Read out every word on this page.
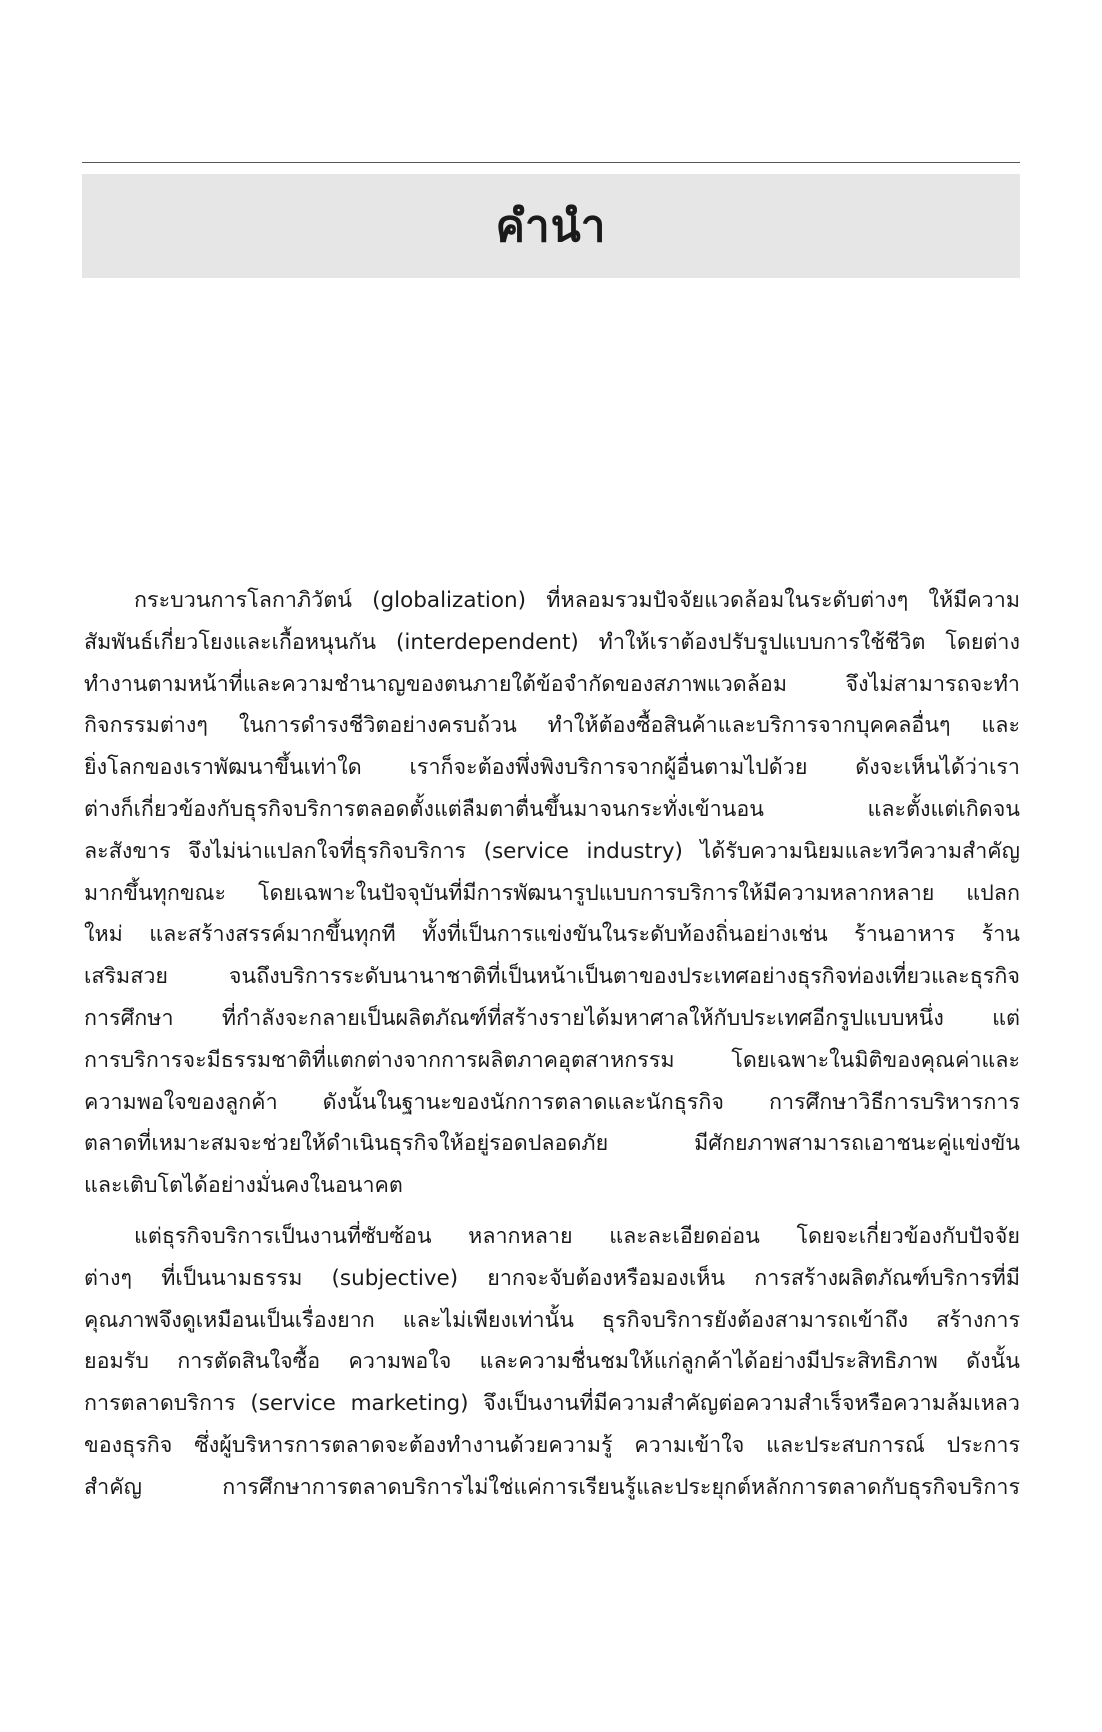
คำนำ

กระบวนการโลกาภิวัตน์ (globalization) ที่หลอมรวมปัจจัยแวดล้อมในระดับต่างๆ ให้มีความ
สัมพันธ์เกี่ยวโยงและเกื้อหนุนกัน (interdependent) ทำให้เราต้องปรับรูปแบบการใช้ชีวิต โดยต่าง
ทำงานตามหน้าที่และความชำนาญของตนภายใต้ข้อจำกัดของสภาพแวดล้อม จึงไม่สามารถจะทำ
กิจกรรมต่างๆ ในการดำรงชีวิตอย่างครบถ้วน ทำให้ต้องซื้อสินค้าและบริการจากบุคคลอื่นๆ และ
ยิ่งโลกของเราพัฒนาขึ้นเท่าใด เราก็จะต้องพึ่งพิงบริการจากผู้อื่นตามไปด้วย ดังจะเห็นได้ว่าเรา
ต่างก็เกี่ยวข้องกับธุรกิจบริการตลอดตั้งแต่ลืมตาตื่นขึ้นมาจนกระทั่งเข้านอน และตั้งแต่เกิดจน
ละสังขาร จึงไม่น่าแปลกใจที่ธุรกิจบริการ (service industry) ได้รับความนิยมและทวีความสำคัญ
มากขึ้นทุกขณะ โดยเฉพาะในปัจจุบันที่มีการพัฒนารูปแบบการบริการให้มีความหลากหลาย แปลก
ใหม่ และสร้างสรรค์มากขึ้นทุกที ทั้งที่เป็นการแข่งขันในระดับท้องถิ่นอย่างเช่น ร้านอาหาร ร้าน
เสริมสวย จนถึงบริการระดับนานาชาติที่เป็นหน้าเป็นตาของประเทศอย่างธุรกิจท่องเที่ยวและธุรกิจ
การศึกษา ที่กำลังจะกลายเป็นผลิตภัณฑ์ที่สร้างรายได้มหาศาลให้กับประเทศอีกรูปแบบหนึ่ง แต่
การบริการจะมีธรรมชาติที่แตกต่างจากการผลิตภาคอุตสาหกรรม โดยเฉพาะในมิติของคุณค่าและ
ความพอใจของลูกค้า ดังนั้นในฐานะของนักการตลาดและนักธุรกิจ การศึกษาวิธีการบริหารการ
ตลาดที่เหมาะสมจะช่วยให้ดำเนินธุรกิจให้อยู่รอดปลอดภัย มีศักยภาพสามารถเอาชนะคู่แข่งขัน
และเติบโตได้อย่างมั่นคงในอนาคต

แต่ธุรกิจบริการเป็นงานที่ซับซ้อน หลากหลาย และละเอียดอ่อน โดยจะเกี่ยวข้องกับปัจจัย
ต่างๆ ที่เป็นนามธรรม (subjective) ยากจะจับต้องหรือมองเห็น การสร้างผลิตภัณฑ์บริการที่มี
คุณภาพจึงดูเหมือนเป็นเรื่องยาก และไม่เพียงเท่านั้น ธุรกิจบริการยังต้องสามารถเข้าถึง สร้างการ
ยอมรับ การตัดสินใจซื้อ ความพอใจ และความชื่นชมให้แก่ลูกค้าได้อย่างมีประสิทธิภาพ ดังนั้น
การตลาดบริการ (service marketing) จึงเป็นงานที่มีความสำคัญต่อความสำเร็จหรือความล้มเหลว
ของธุรกิจ ซึ่งผู้บริหารการตลาดจะต้องทำงานด้วยความรู้ ความเข้าใจ และประสบการณ์ ประการ
สำคัญ การศึกษาการตลาดบริการไม่ใช่แค่การเรียนรู้และประยุกต์หลักการตลาดกับธุรกิจบริการ
